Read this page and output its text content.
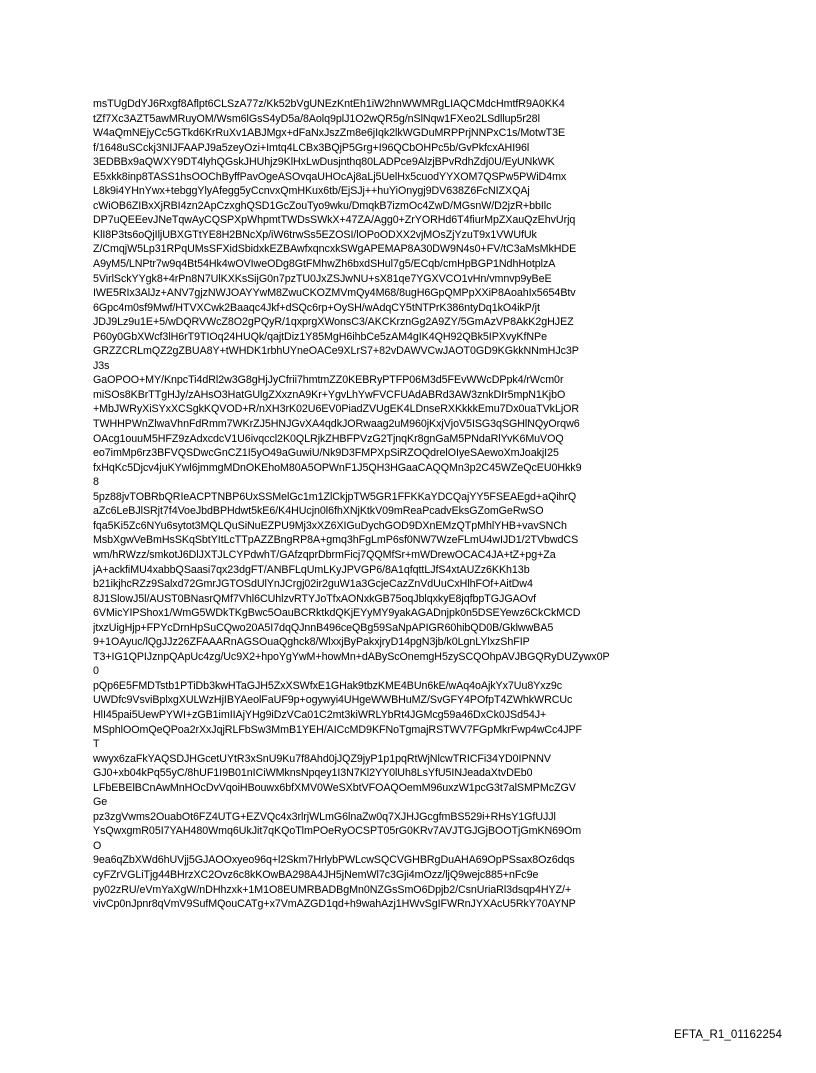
msTUgDdYJ6Rxgf8Aflpt6CLSzA77z/Kk52bVgUNEzKntEh1iW2hnWWMRgLIAQCMdcHmtfR9A0KK4
tZf7Xc3AZT5awMRuyOM/Wsm6lGsS4yD5a/8Aolq9plJ1O2wQR5g/nSlNqw1FXeo2LSdllup5r28l
W4aQmNEjyCc5GTkd6KrRuXv1ABJMgx+dFaNxJszZm8e6jIqk2lkWGDuMRPPrjNNPxC1s/MotwT3E
f/1648uSCckj3NIJFAAPJ9a5zeyOzi+Imtq4LCBx3BQjP5Grg+I96QCbOHPc5b/GvPkfcxAHI96l
3EDBBx9aQWXY9DT4lyhQGskJHUhjz9KlHxLwDusjnthq80LADPce9AlzjBPvRdhZdj0U/EyUNkWK
E5xkk8inp8TASS1hsOOChByffPavOgeASOvqaUHOcAj8aLj5UelHx5cuodYYXOM7QSPw5PWiD4mx
L8k9i4YHnYwx+tebggYlyAfegg5yCcnvxQmHKux6tb/EjSJj++huYiOnygj9DV638Z6FcNIZXQAj
cWiOB6ZIBxXjRBI4zn2ApCzxghQSD1GcZouTyo9wku/DmqkB7izmOc4ZwD/MGsnW/D2jzR+bbIlc
DP7uQEEevJNeTqwAyCQSPXpWhpmtTWDsSWkX+47ZA/Agg0+ZrYORHd6T4fiurMpZXauQzEhvUrjq
KlI8P3ts6oQjIljUBXGTtYE8H2BNcXp/iW6trwSs5EZOSI/lOPoODXX2vjMOsZjYzuT9x1VWUfUk
Z/CmqjW5Lp31RPqUMsSFXidSbidxkEZBAwfxqncxkSWgAPEMAP8A30DW9N4s0+FV/tC3aMsMkHDE
A9yM5/LNPtr7w9q4Bt54Hk4wOVIweODg8GtFMhwZh6bxdSHul7g5/ECqb/cmHpBGP1NdhHotplzA
5VirlSckYYgk8+4rPn8N7UlKXKsSijG0n7pzTU0JxZSJwNU+sX81qe7YGXVCO1vHn/vmnvp9yBeE
IWE5RIx3AlJz+ANV7gjzNWJOAYYwM8ZwuCKOZMVmQy4M68/8ugH6GpQMPpXXiP8AoahIx5654Btv
6Gpc4m0sf9Mwf/HTVXCwk2Baaqc4Jkf+dSQc6rp+OySH/wAdqCY5tNTPrK386ntyDq1kO4ikP/jt
JDJ9Lz9u1E+5/wDQRVWcZ8O2gPQyR/1qxprgXWonsC3/AKCKrznGg2A9ZY/5GmAzVP8AkK2gHJEZ
P60y0GbXWcf3lH6rT9TIOq24HUQk/qajtDiz1Y85MgH6ihbCe5zAM4gIK4QH92QBk5IPXvyKfNPe
GRZZCRLmQZ2gZBUA8Y+tWHDK1rbhUYneOACe9XLrS7+82vDAWVCwJAOT0GD9KGkkNNmHJc3P
J3s

GaOPOO+MY/KnpcTi4dRl2w3G8gHjJyCfrii7hmtmZZ0KEBRyPTFP06M3d5FEvWWcDPpk4/rWcm0r
miSOs8KBrTTgHJy/zAHsO3HatGUlgZXxznA9Kr+YgvLhYwFVCFUAdABRd3AW3znkDIr5mpN1KjbO
+MbJWRyXiSYxXCSgkKQVOD+R/nXH3rK02U6EV0PiadZVUgEK4LDnseRXKkkkEmu7Dx0uaTVkLjOR
TWHHPWnZlwaVhnFdRmm7WKrZJ5HNJGvXA4qdkJORwaag2uM960jKxjVjoV5ISG3qSGHlNQyOrqw6
OAcg1ouuM5HFZ9zAdxcdcV1U6ivqccl2K0QLRjkZHBFPVzG2TjnqKr8gnGaM5PNdaRlYvK6MuVOQ
eo7imMp6rz3BFVQSDwcGnCZ1I5yO49aGuwiU/Nk9D3FMPXpSiRZOQdrelOIyeSAewoXmJoakjI25
fxHqKc5Djcv4juKYwl6jmmgMDnOKEhoM80A5OPWnF1J5QH3HGaaCAQQMn3p2C45WZeQcEU0Hkk9
8

5pz88jvTOBRbQRIeACPTNBP6UxSSMelGc1m1ZlCkjpTW5GR1FFKKaYDCQajYY5FSEAEgd+aQihrQ
aZc6LeBJlSRjt7f4VoeJbdBPHdwt5kE6/K4HUcjn0l6fhXNjKtkV09mReaPcadvEksGZomGeRwSO
fqa5Ki5Zc6NYu6sytot3MQLQuSiNuEZPU9Mj3xXZ6XIGuDychGOD9DXnEMzQTpMhlYHB+vavSNCh
MsbXgwVeBmHsSKqSbtYItLcTTpAZZBngRP8A+gmq3hFgLmP6sf0NW7WzeFLmU4wIJD1/2TVbwdCS
wm/hRWzz/smkotJ6DlJXTJLCYPdwhT/GAfzqprDbrmFicj7QQMfSr+mWDrewOCAC4JA+tZ+pg+Za
jA+ackfiMU4xabbQSaasi7qx23dgFT/ANBFLqUmLKyJPVGP6/8A1qfqttLJfS4xtAUZz6KKh13b
b21ikjhcRZz9Salxd72GmrJGTOSdUlYnJCrgj02ir2guW1a3GcjeCazZnVdUuCxHlhFOf+AitDw4
8J1SlowJ5l/AUST0BNasrQMf7Vhl6CUhlzvRTYJoTfxAONxkGB75oqJblqxkyE8jqfbpTGJGAOvf
6VMicYIPShox1/WmG5WDkTKgBwc5OauBCRktkdQKjEYyMY9yakAGADnjpk0n5DSEYewz6CkCkMCD
jtxzUigHjp+FPYcDrnHpSuCQwo20A5I7dqQJnnB496ceQBg59SaNpAPIGR60hibQD0B/GklwwBA5
9+1OAyuc/lQgJJz26ZFAAARnAGSOuaQghck8/WlxxjByPakxjryD14pgN3jb/k0LgnLYlxzShFIP
T3+IG1QPIJznpQApUc4zg/Uc9X2+hpoYgYwM+howMn+dAByScOnemgH5zySCQOhpAVJBGQRyDUZywx0P
0

pQp6E5FMDTstb1PTiDb3kwHTaGJH5ZxXSWfxE1GHak9tbzKME4BUn6kE/wAq4oAjkYx7Uu8Yxz9c
UWDfc9VsviBplxgXULWzHjIBYAeolFaUF9p+ogywyi4UHgeWWBHuMZ/SvGFY4POfpT4ZWhkWRCUc
HlI45pai5UewPYWI+zGB1imIIAjYHg9iDzVCa01C2mt3kiWRLYbRt4JGMcg59a46DxCk0JSd54J+
MSphlOOmQeQPoa2rXxJqjRLFbSw3MmB1YEH/AICcMD9KFNoTgmajRSTWV7FGpMkrFwp4wCc4JPF
T

wwyx6zaFkYAQSDJHGcetUYtR3xSnU9Ku7f8Ahd0jJQZ9jyP1p1pqRtWjNlcwTRICFi34YD0IPNNV
GJ0+xb04kPq55yC/8hUF1I9B01nICiWMknsNpqey1I3N7Kl2YY0lUh8LsYfU5INJeadaXtvDEb0
LFbEBElBCnAwMnHOcDvVqoiHBouwx6bfXMV0WeSXbtVFOAQOemM96uxzW1pcG3t7alSMPMcZGV
Ge

pz3zgVwms2OuabOt6FZ4UTG+EZVQc4x3rlrjWLmG6lnaZw0q7XJHJGcgfmBS529i+RHsY1GfUJJl
YsQwxgmR05I7YAH480Wmq6UkJit7qKQoTlmPOeRyOCSPT05rG0KRv7AVJTGJGjBOOTjGmKN69Om
O

9ea6qZbXWd6hUVjj5GJAOOxyeo96q+l2Skm7HrlybPWLcwSQCVGHBRgDuAHA69OpPSsax8Oz6dqs
cyFZrVGLiTjg44BHrzXC2Ovz6c8kKOwBA298A4JH5jNemWl7c3Gji4mOzz/ljQ9wejc885+nFc9e
py02zRU/eVmYaXgW/nDHhzxk+1M1O8EUMRBADBgMn0NZGsSmO6Dpjb2/CsnUriaRl3dsqp4HYZ/+
vivCp0nJpnr8qVmV9SufMQouCATg+x7VmAZGD1qd+h9wahAzj1HWvSgIFWRnJYXAcU5RkY70AYNP

EFTA_R1_01162254
